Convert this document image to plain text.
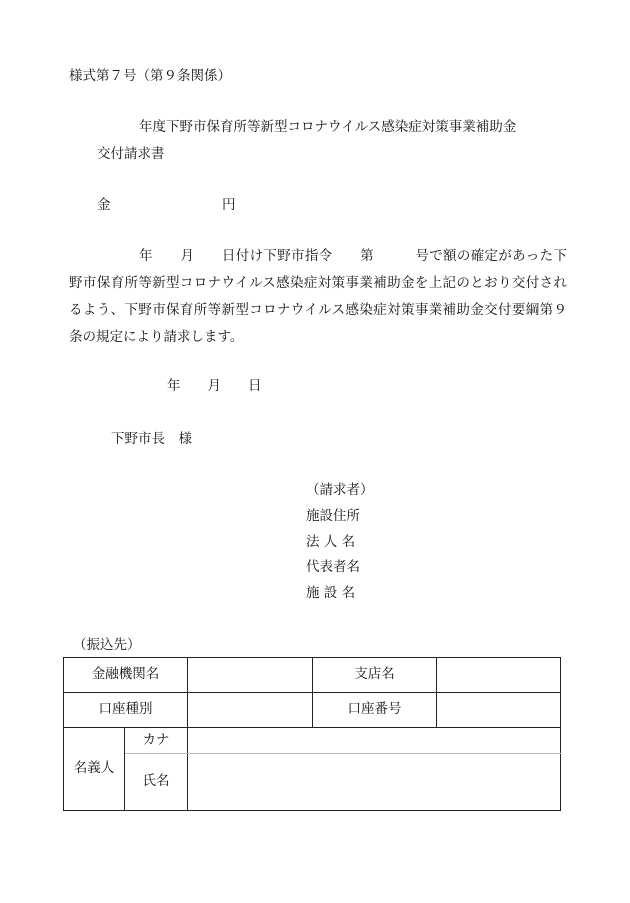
様式第７号（第９条関係）
年度下野市保育所等新型コロナウイルス感染症対策事業補助金
交付請求書
金	円
年　　月　　日付け下野市指令　　第　　　号で額の確定があった下野市保育所等新型コロナウイルス感染症対策事業補助金を上記のとおり交付されるよう、下野市保育所等新型コロナウイルス感染症対策事業補助金交付要綱第９条の規定により請求します。
年　　月　　日
下野市長　様
（請求者）
施設住所
法 人 名
代表者名
施 設 名
（振込先）
金融機関名			支店名	
口座種別			口座番号	
名義人	カナ			
	氏名			
